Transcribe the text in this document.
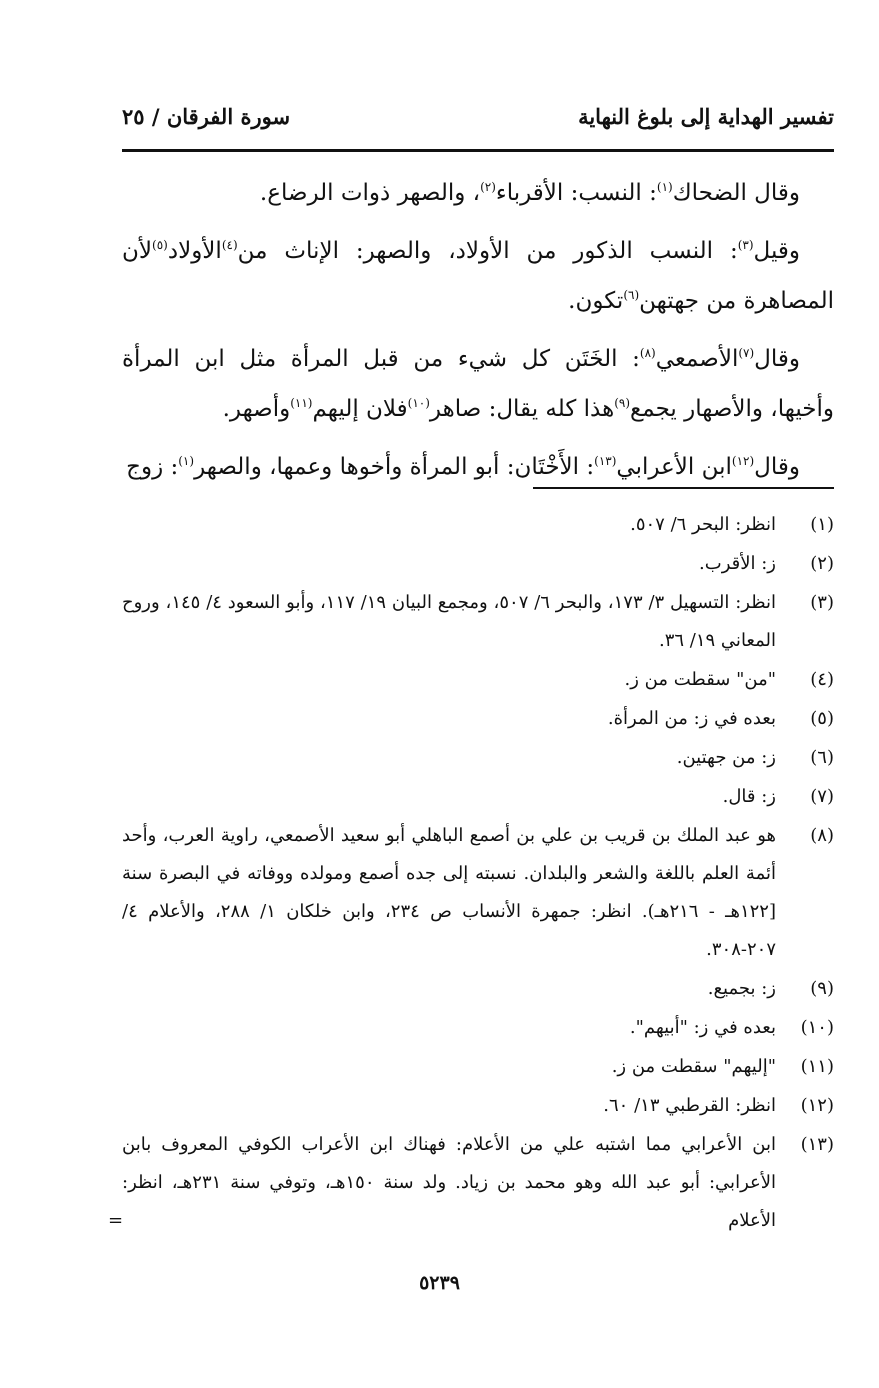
تفسير الهداية إلى بلوغ النهاية
سورة الفرقان / ٢٥

وقال الضحاك$^{(١)}$: النسب: الأقرباء$^{(٢)}$، والصهر ذوات الرضاع.

وقيل$^{(٣)}$: النسب الذكور من الأولاد، والصهر: الإناث من$^{(٤)}$الأولاد$^{(٥)}$لأن المصاهرة من جهتهن$^{(٦)}$تكون.

وقال$^{(٧)}$الأصمعي$^{(٨)}$: الخَتَن كل شيء من قبل المرأة مثل ابن المرأة وأخيها، والأصهار يجمع$^{(٩)}$هذا كله يقال: صاهر$^{(١٠)}$فلان إليهم$^{(١١)}$وأصهر.

وقال$^{(١٢)}$ابن الأعرابي$^{(١٣)}$: الأَخْتَان: أبو المرأة وأخوها وعمها، والصهر$^{(١)}$: زوج

(١)
انظر: البحر ٦/ ٥٠٧.
(٢)
ز: الأقرب.
(٣)
انظر: التسهيل ٣/ ١٧٣، والبحر ٦/ ٥٠٧، ومجمع البيان ١٩/ ١١٧، وأبو السعود ٤/ ١٤٥، وروح المعاني ١٩/ ٣٦.
(٤)
"من" سقطت من ز.
(٥)
بعده في ز: من المرأة.
(٦)
ز: من جهتين.
(٧)
ز: قال.
(٨)
هو عبد الملك بن قريب بن علي بن أصمع الباهلي أبو سعيد الأصمعي، راوية العرب، وأحد أئمة العلم باللغة والشعر والبلدان. نسبته إلى جده أصمع ومولده ووفاته في البصرة سنة [١٢٢هـ - ٢١٦هـ). انظر: جمهرة الأنساب ص ٢٣٤، وابن خلكان ١/ ٢٨٨، والأعلام ٤/ ٢٠٧-٣٠٨.
(٩)
ز: بجميع.
(١٠)
بعده في ز: "أبيهم".
(١١)
"إليهم" سقطت من ز.
(١٢)
انظر: القرطبي ١٣/ ٦٠.
(١٣)
ابن الأعرابي مما اشتبه علي من الأعلام: فهناك ابن الأعراب الكوفي المعروف بابن الأعرابي: أبو عبد الله وهو محمد بن زياد. ولد سنة ١٥٠هـ، وتوفي سنة ٢٣١هـ، انظر: الأعلام
=
٥٢٣٩
